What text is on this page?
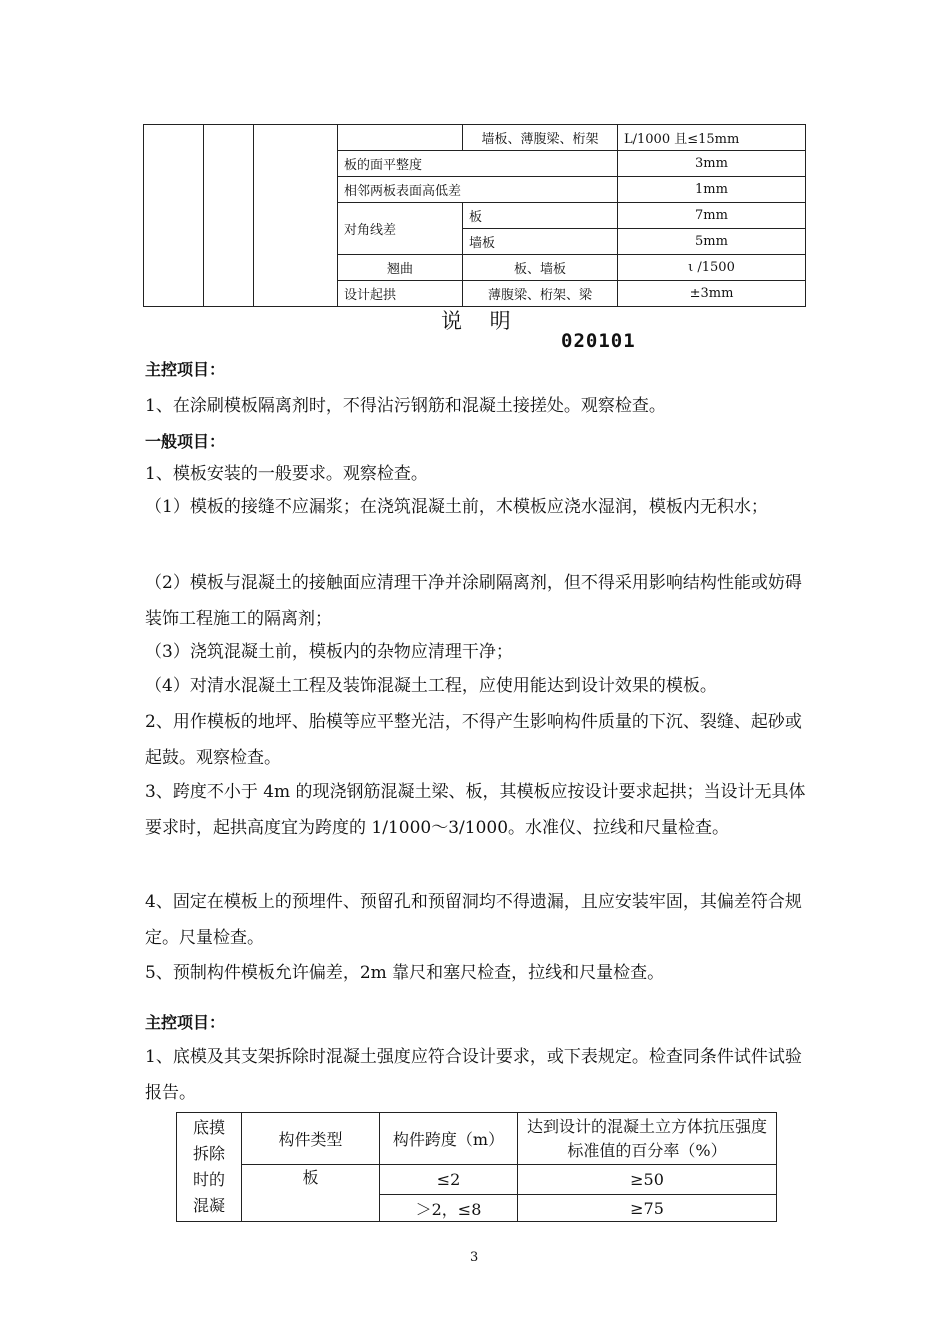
				墙板、薄腹梁、桁架	L/1000 且≤15mm
			板的面平整度		3mm
			相邻两板表面高低差		1mm
			对角线差	板	7mm
				墙板	5mm
			翘曲	板、墙板	ι /1500
			设计起拱	薄腹梁、桁架、梁	±3mm
说　 明
020101
主控项目：
1、在涂刷模板隔离剂时，不得沾污钢筋和混凝土接搓处。观察检查。
一般项目：
1、模板安装的一般要求。观察检查。
（1）模板的接缝不应漏浆；在浇筑混凝土前，木模板应浇水湿润，模板内无积水；
（2）模板与混凝土的接触面应清理干净并涂刷隔离剂，但不得采用影响结构性能或妨碍装饰工程施工的隔离剂；
（3）浇筑混凝土前，模板内的杂物应清理干净；
（4）对清水混凝土工程及装饰混凝土工程，应使用能达到设计效果的模板。
2、用作模板的地坪、胎模等应平整光洁，不得产生影响构件质量的下沉、裂缝、起砂或起鼓。观察检查。
3、跨度不小于 4m 的现浇钢筋混凝土梁、板，其模板应按设计要求起拱；当设计无具体要求时，起拱高度宜为跨度的 1/1000～3/1000。水准仪、拉线和尺量检查。
4、固定在模板上的预埋件、预留孔和预留洞均不得遗漏，且应安装牢固，其偏差符合规定。尺量检查。
5、预制构件模板允许偏差，2m 靠尺和塞尺检查，拉线和尺量检查。
主控项目：
1、底模及其支架拆除时混凝土强度应符合设计要求，或下表规定。检查同条件试件试验报告。
底摸拆除时的混凝	构件类型	构件跨度（m）	达到设计的混凝土立方体抗压强度标准值的百分率（%）
	板	≤2	≥50
		＞2，≤8	≥75
3
